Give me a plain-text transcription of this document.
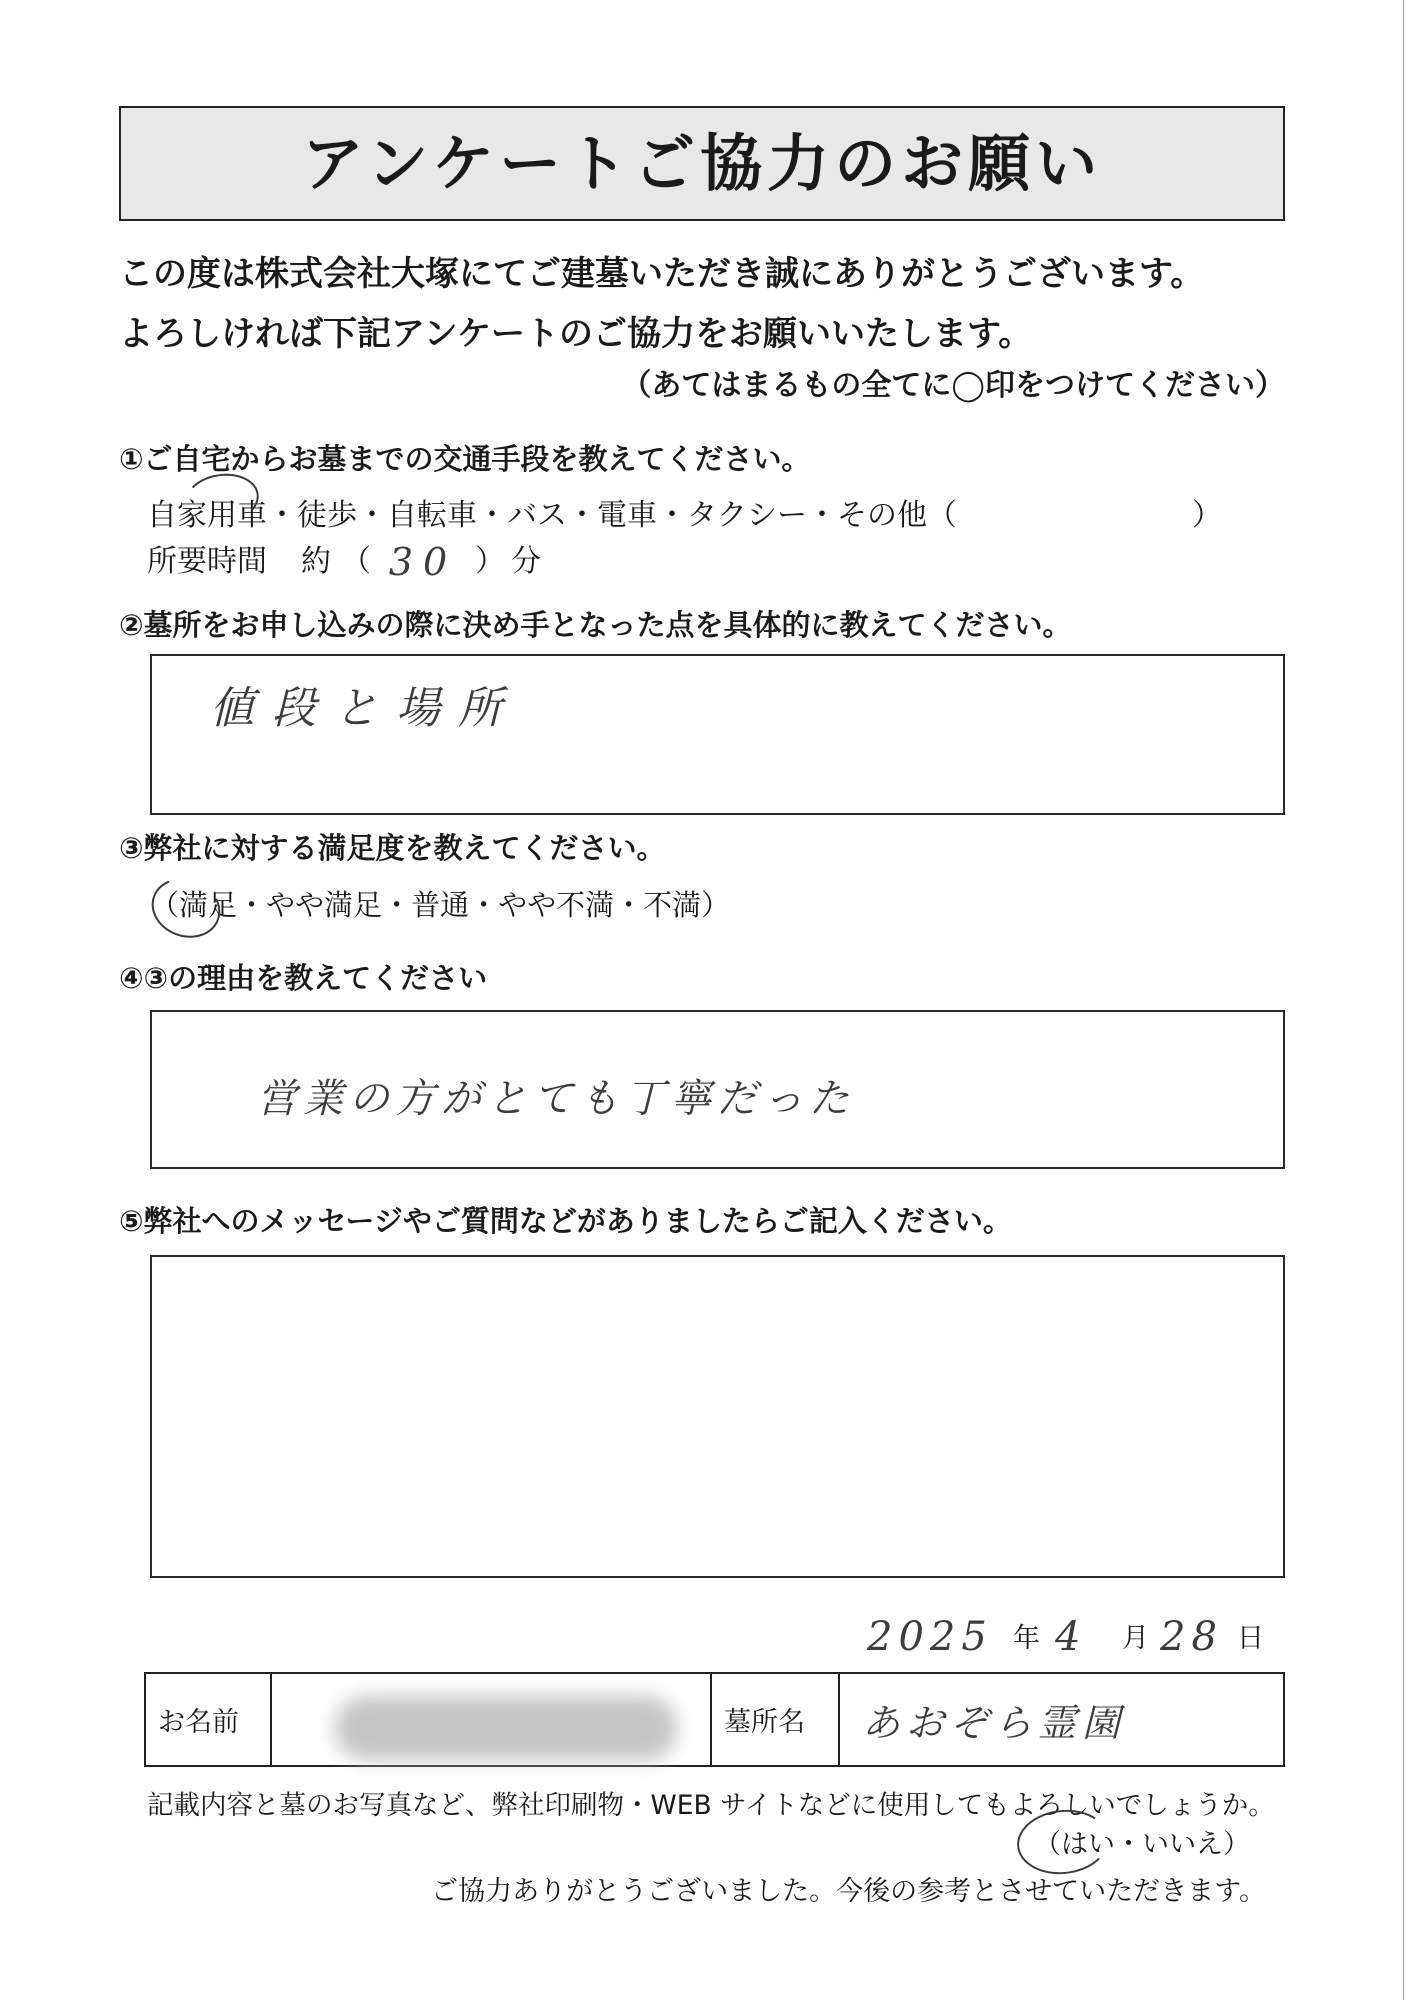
アンケートご協力のお願い
この度は株式会社大塚にてご建墓いただき誠にありがとうございます。
よろしければ下記アンケートのご協力をお願いいたします。
（あてはまるもの全てに◯印をつけてください）
①ご自宅からお墓までの交通手段を教えてください。
自家用車 ・ 徒歩 ・ 自転車 ・ バス ・ 電車 ・ タクシー ・ その他 （	）
所要時間 約 （ 30 ） 分
②墓所をお申し込みの際に決め手となった点を具体的に教えてください。
値段と場所
③弊社に対する満足度を教えてください。
（ 満足 ・ やや満足 ・ 普通 ・ やや不満 ・ 不満 ）
④③の理由を教えてください
営業の方がとても丁寧だった
⑤弊社へのメッセージやご質問などがありましたらご記入ください。
2025 年 4 月 28 日
お名前	墓所名	あおぞら霊園
記載内容と墓のお写真など、弊社印刷物・WEB サイトなどに使用してもよろしいでしょうか。
（ はい ・ いいえ ）
ご協力ありがとうございました。今後の参考とさせていただきます。
